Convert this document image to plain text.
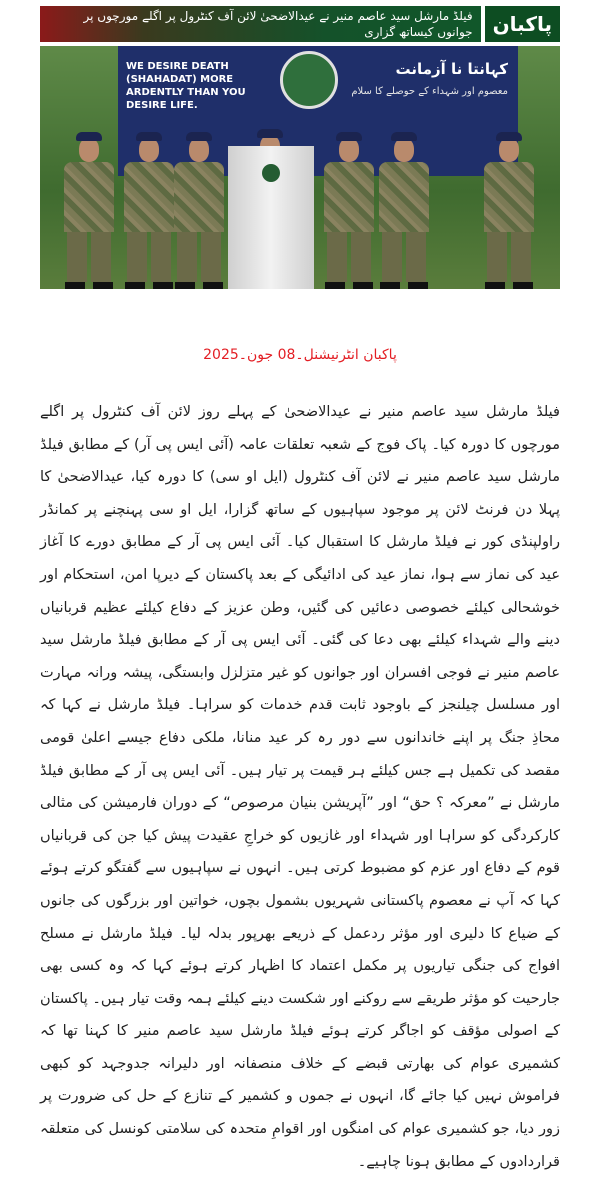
پاکبان
فیلڈ مارشل سید عاصم منیر نے عیدالاضحیٰ لائن آف کنٹرول پر اگلے مورچوں پر جوانوں کیساتھ گزاری
WE DESIRE DEATH (SHAHADAT) MORE ARDENTLY THAN YOU DESIRE LIFE.
کہانتا نا آزمانت
معصوم اور شہداء کے حوصلے کا سلام
پاکبان انٹرنیشنل۔08 جون۔2025
فیلڈ مارشل سید عاصم منیر نے عیدالاضحیٰ کے پہلے روز لائن آف کنٹرول پر اگلے مورچوں کا دورہ کیا۔ پاک فوج کے شعبہ تعلقات عامہ (آئی ایس پی آر) کے مطابق فیلڈ مارشل سید عاصم منیر نے لائن آف کنٹرول (ایل او سی) کا دورہ کیا، عیدالاضحیٰ کا پہلا دن فرنٹ لائن پر موجود سپاہیوں کے ساتھ گزارا، ایل او سی پہنچنے پر کمانڈر راولپنڈی کور نے فیلڈ مارشل کا استقبال کیا۔ آئی ایس پی آر کے مطابق دورے کا آغاز عید کی نماز سے ہوا، نماز عید کی ادائیگی کے بعد پاکستان کے دیرپا امن، استحکام اور خوشحالی کیلئے خصوصی دعائیں کی گئیں، وطن عزیز کے دفاع کیلئے عظیم قربانیاں دینے والے شہداء کیلئے بھی دعا کی گئی۔ آئی ایس پی آر کے مطابق فیلڈ مارشل سید عاصم منیر نے فوجی افسران اور جوانوں کو غیر متزلزل وابستگی، پیشہ ورانہ مہارت اور مسلسل چیلنجز کے باوجود ثابت قدم خدمات کو سراہا۔ فیلڈ مارشل نے کہا کہ محاذِ جنگ پر اپنے خاندانوں سے دور رہ کر عید منانا، ملکی دفاع جیسے اعلیٰ قومی مقصد کی تکمیل ہے جس کیلئے ہر قیمت پر تیار ہیں۔ آئی ایس پی آر کے مطابق فیلڈ مارشل نے ”معرکہ ؟ حق“ اور ”آپریشن بنیان مرصوص“ کے دوران فارمیشن کی مثالی کارکردگی کو سراہا اور شہداء اور غازیوں کو خراجِ عقیدت پیش کیا جن کی قربانیاں قوم کے دفاع اور عزم کو مضبوط کرتی ہیں۔ انہوں نے سپاہیوں سے گفتگو کرتے ہوئے کہا کہ آپ نے معصوم پاکستانی شہریوں بشمول بچوں، خواتین اور بزرگوں کی جانوں کے ضیاع کا دلیری اور مؤثر ردعمل کے ذریعے بھرپور بدلہ لیا۔ فیلڈ مارشل نے مسلح افواج کی جنگی تیاریوں پر مکمل اعتماد کا اظہار کرتے ہوئے کہا کہ وہ کسی بھی جارحیت کو مؤثر طریقے سے روکنے اور شکست دینے کیلئے ہمہ وقت تیار ہیں۔ پاکستان کے اصولی مؤقف کو اجاگر کرتے ہوئے فیلڈ مارشل سید عاصم منیر کا کہنا تھا کہ کشمیری عوام کی بھارتی قبضے کے خلاف منصفانہ اور دلیرانہ جدوجہد کو کبھی فراموش نہیں کیا جائے گا، انہوں نے جموں و کشمیر کے تنازع کے حل کی ضرورت پر زور دیا، جو کشمیری عوام کی امنگوں اور اقوامِ متحدہ کی سلامتی کونسل کی متعلقہ قراردادوں کے مطابق ہونا چاہیے۔
